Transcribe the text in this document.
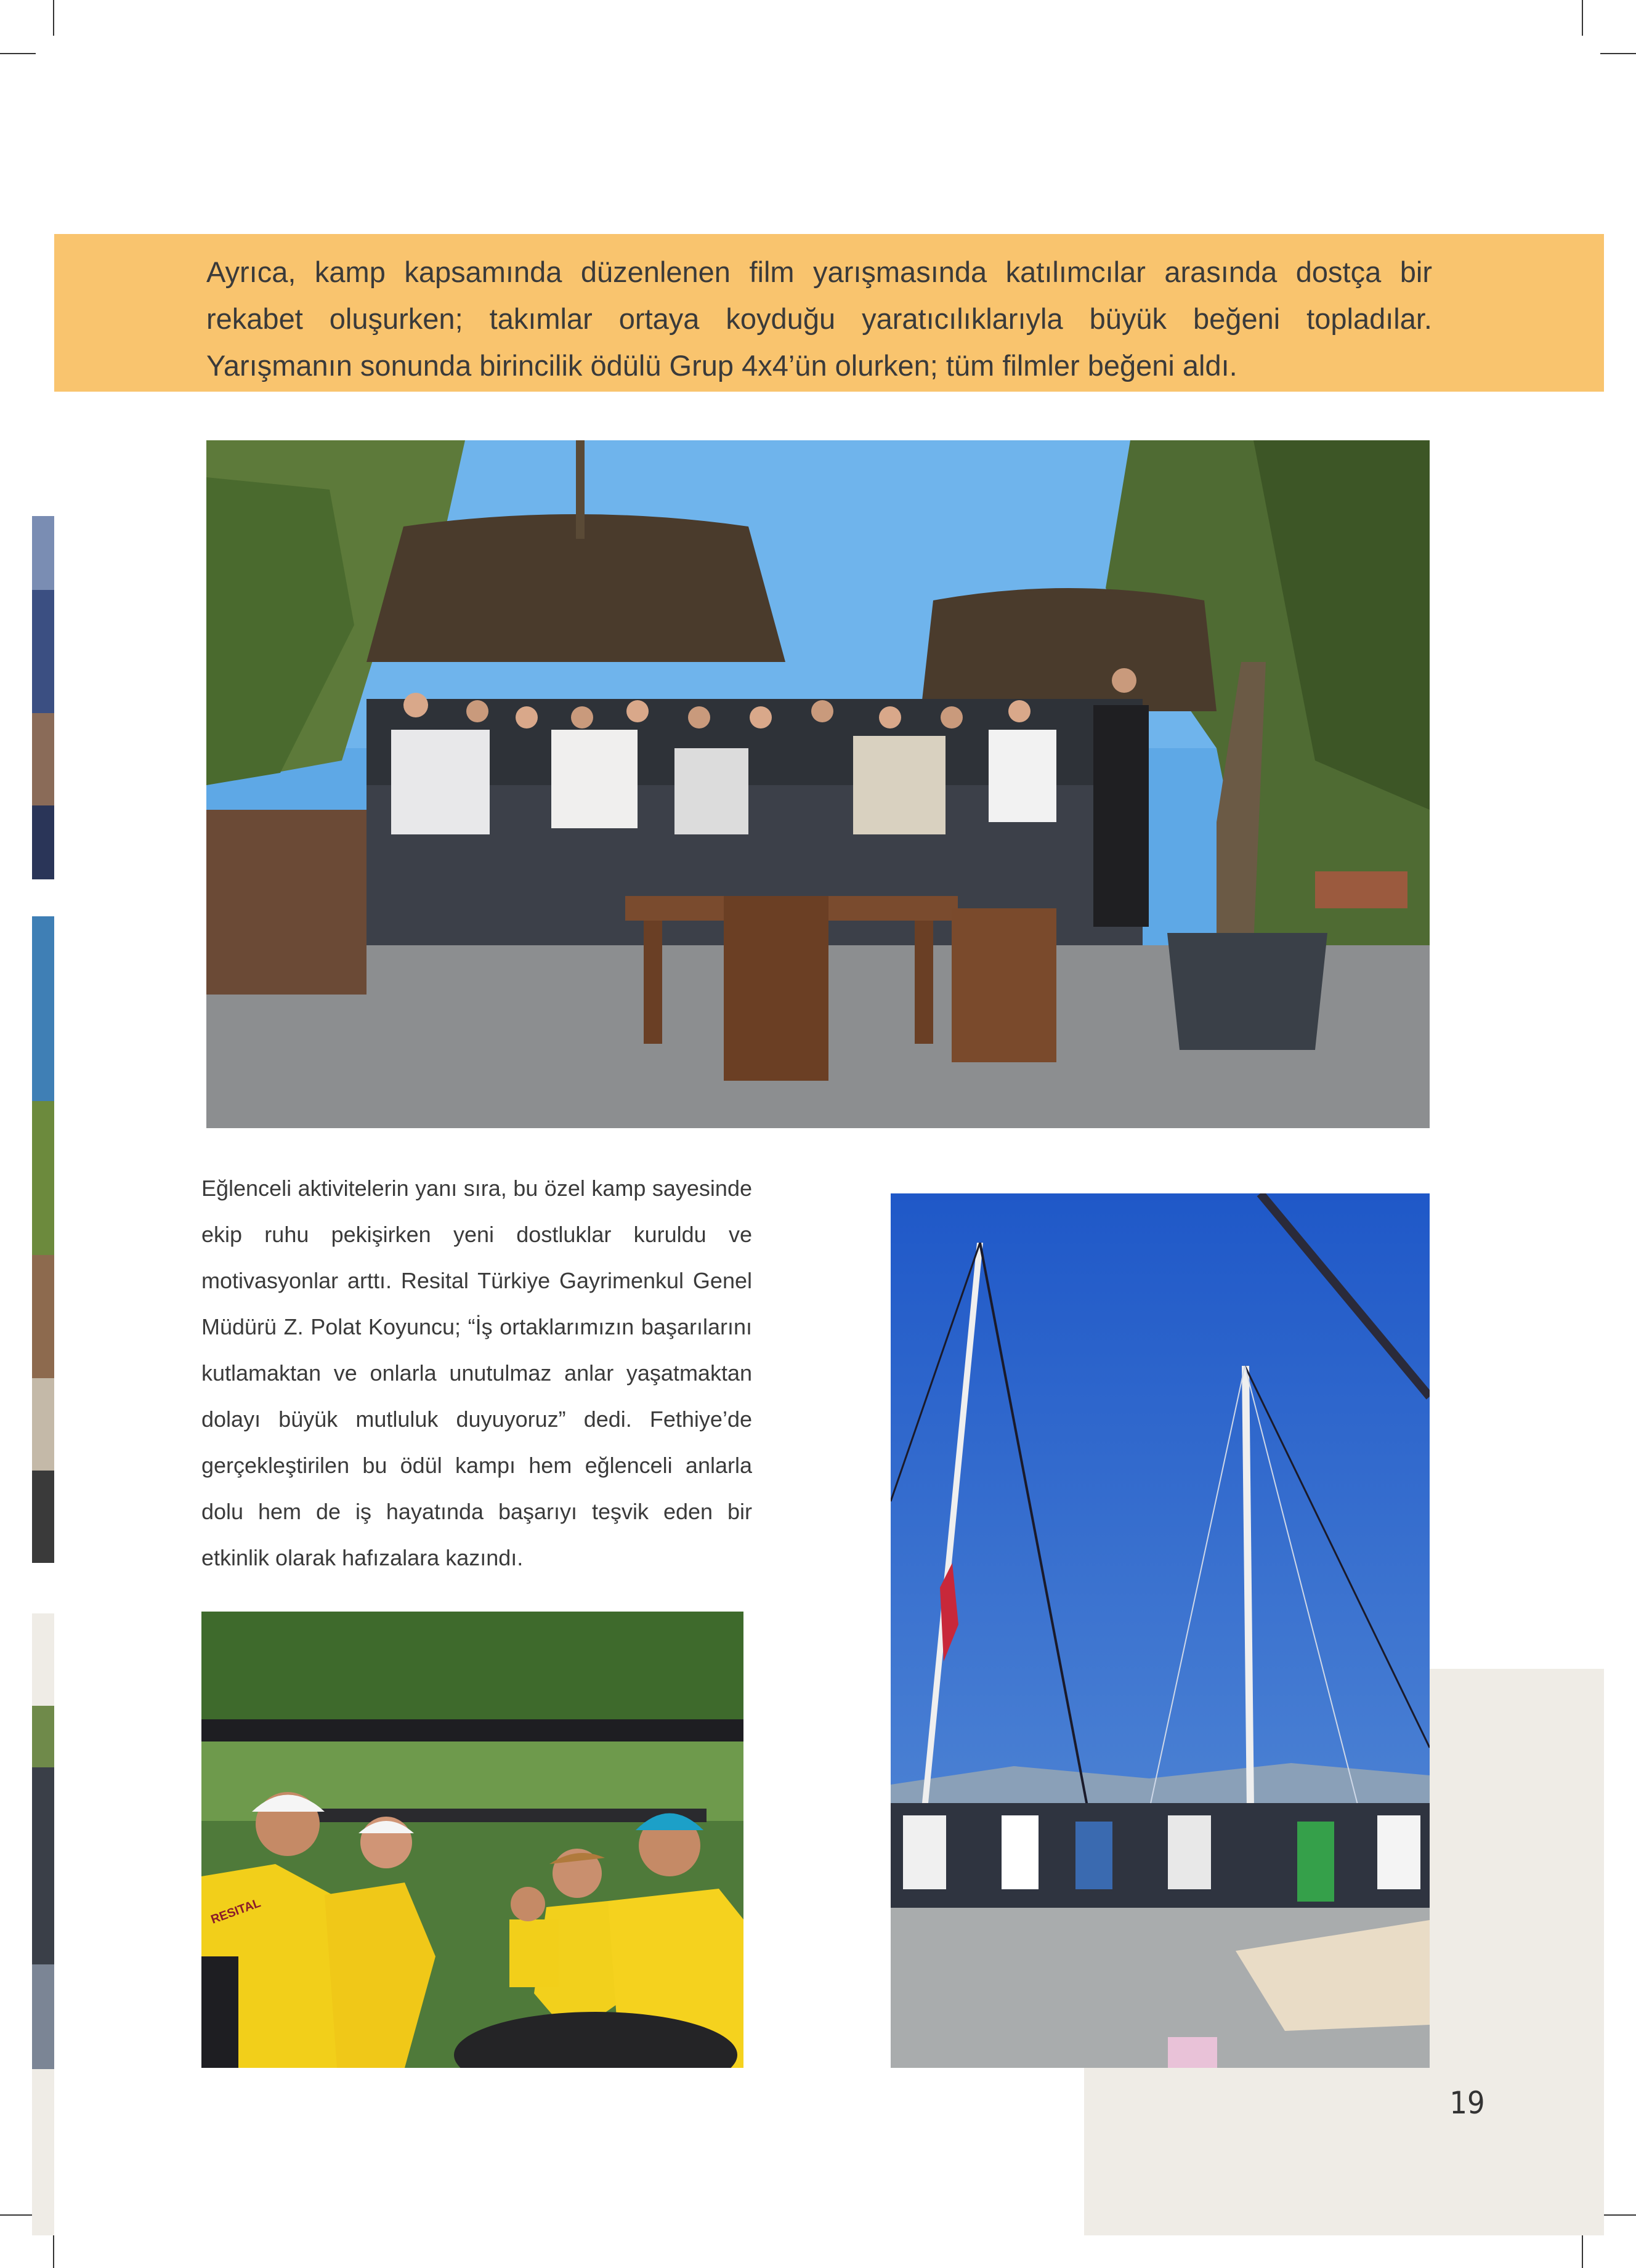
Ayrıca, kamp kapsamında düzenlenen film yarışmasında katılımcılar arasında dostça bir rekabet oluşurken; takımlar ortaya koyduğu yaratıcılıklarıyla büyük beğeni topladılar. Yarışmanın sonunda birincilik ödülü Grup 4x4’ün olurken; tüm filmler beğeni aldı.

RESITAL

Eğlenceli aktivitelerin yanı sıra, bu özel kamp sayesinde ekip ruhu pekişirken yeni dostluklar kuruldu ve motivasyonlar arttı. Resital Türkiye Gayrimenkul Genel Müdürü Z. Polat Koyuncu; “İş ortaklarımızın başarılarını kutlamaktan ve onlarla unutulmaz anlar yaşatmaktan dolayı büyük mutluluk duyuyoruz” dedi. Fethiye’de gerçekleştirilen bu ödül kampı hem eğlenceli anlarla dolu hem de iş hayatında başarıyı teşvik eden bir etkinlik olarak hafızalara kazındı.

19
